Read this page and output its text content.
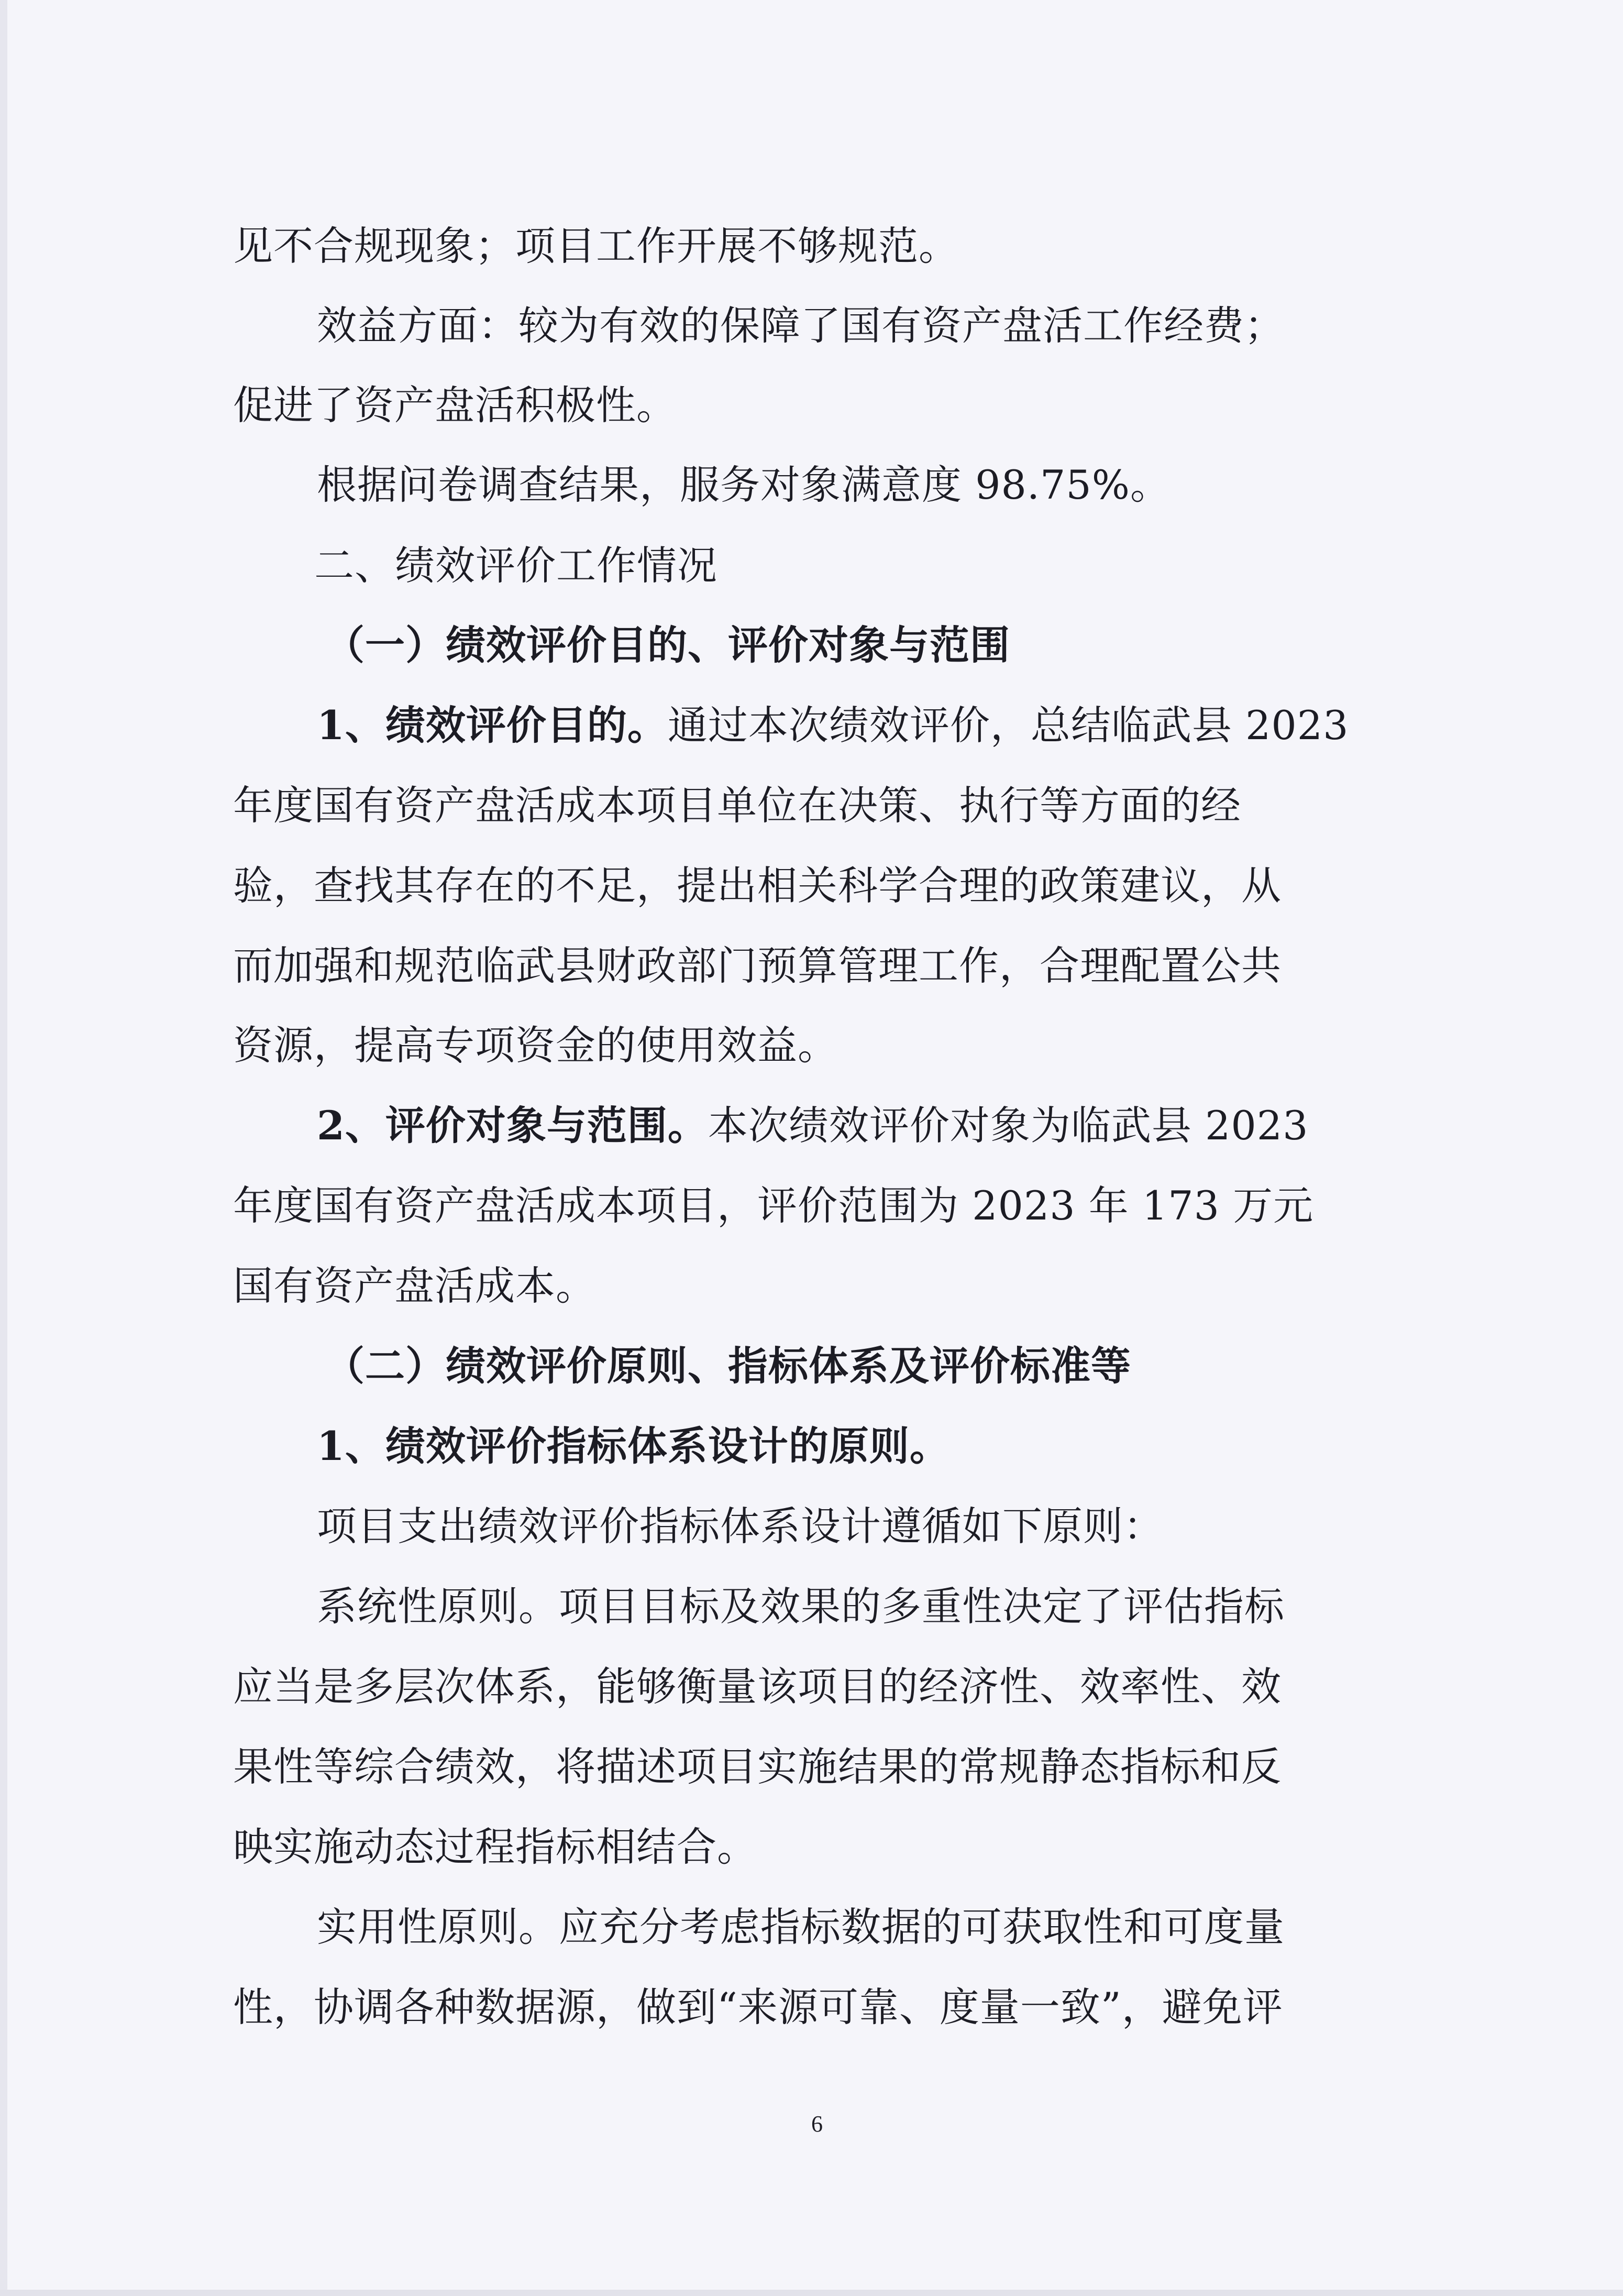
见不合规现象；项目工作开展不够规范。
效益方面：较为有效的保障了国有资产盘活工作经费；
促进了资产盘活积极性。
根据问卷调查结果，服务对象满意度 98.75%。
二、绩效评价工作情况
（一）绩效评价目的、评价对象与范围
1、绩效评价目的。通过本次绩效评价，总结临武县 2023
年度国有资产盘活成本项目单位在决策、执行等方面的经
验，查找其存在的不足，提出相关科学合理的政策建议，从
而加强和规范临武县财政部门预算管理工作，合理配置公共
资源，提高专项资金的使用效益。
2、评价对象与范围。本次绩效评价对象为临武县 2023
年度国有资产盘活成本项目，评价范围为 2023 年 173 万元
国有资产盘活成本。
（二）绩效评价原则、指标体系及评价标准等
1、绩效评价指标体系设计的原则。
项目支出绩效评价指标体系设计遵循如下原则：
系统性原则。项目目标及效果的多重性决定了评估指标
应当是多层次体系，能够衡量该项目的经济性、效率性、效
果性等综合绩效，将描述项目实施结果的常规静态指标和反
映实施动态过程指标相结合。
实用性原则。应充分考虑指标数据的可获取性和可度量
性，协调各种数据源，做到“来源可靠、度量一致”，避免评
6
